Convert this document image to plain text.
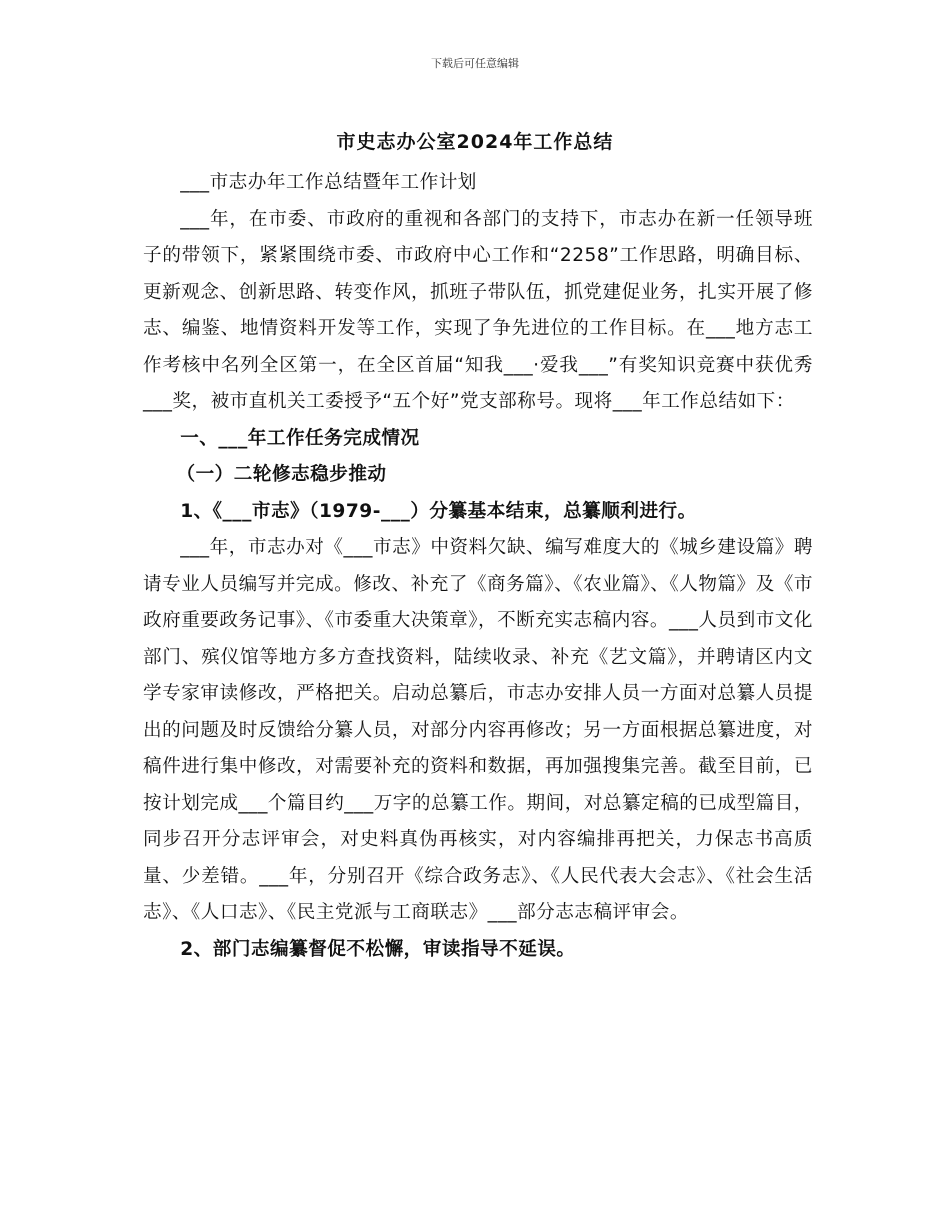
下载后可任意编辑
市史志办公室2024年工作总结

___市志办年工作总结暨年工作计划

___年，在市委、市政府的重视和各部门的支持下，市志办在新一任领导班子的带领下，紧紧围绕市委、市政府中心工作和“2258”工作思路，明确目标、更新观念、创新思路、转变作风，抓班子带队伍，抓党建促业务，扎实开展了修志、编鉴、地情资料开发等工作，实现了争先进位的工作目标。在___地方志工作考核中名列全区第一，在全区首届“知我___·爱我___”有奖知识竞赛中获优秀___奖，被市直机关工委授予“五个好”党支部称号。现将___年工作总结如下：

一、___年工作任务完成情况

（一）二轮修志稳步推动

1、《___市志》（1979-___）分纂基本结束，总纂顺利进行。

___年，市志办对《___市志》中资料欠缺、编写难度大的《城乡建设篇》聘请专业人员编写并完成。修改、补充了《商务篇》、《农业篇》、《人物篇》及《市政府重要政务记事》、《市委重大决策章》，不断充实志稿内容。___人员到市文化部门、殡仪馆等地方多方查找资料，陆续收录、补充《艺文篇》，并聘请区内文学专家审读修改，严格把关。启动总纂后，市志办安排人员一方面对总纂人员提出的问题及时反馈给分纂人员，对部分内容再修改；另一方面根据总纂进度，对稿件进行集中修改，对需要补充的资料和数据，再加强搜集完善。截至目前，已按计划完成___个篇目约___万字的总纂工作。期间，对总纂定稿的已成型篇目，同步召开分志评审会，对史料真伪再核实，对内容编排再把关，力保志书高质量、少差错。___年，分别召开《综合政务志》、《人民代表大会志》、《社会生活志》、《人口志》、《民主党派与工商联志》___部分志志稿评审会。

2、部门志编纂督促不松懈，审读指导不延误。
